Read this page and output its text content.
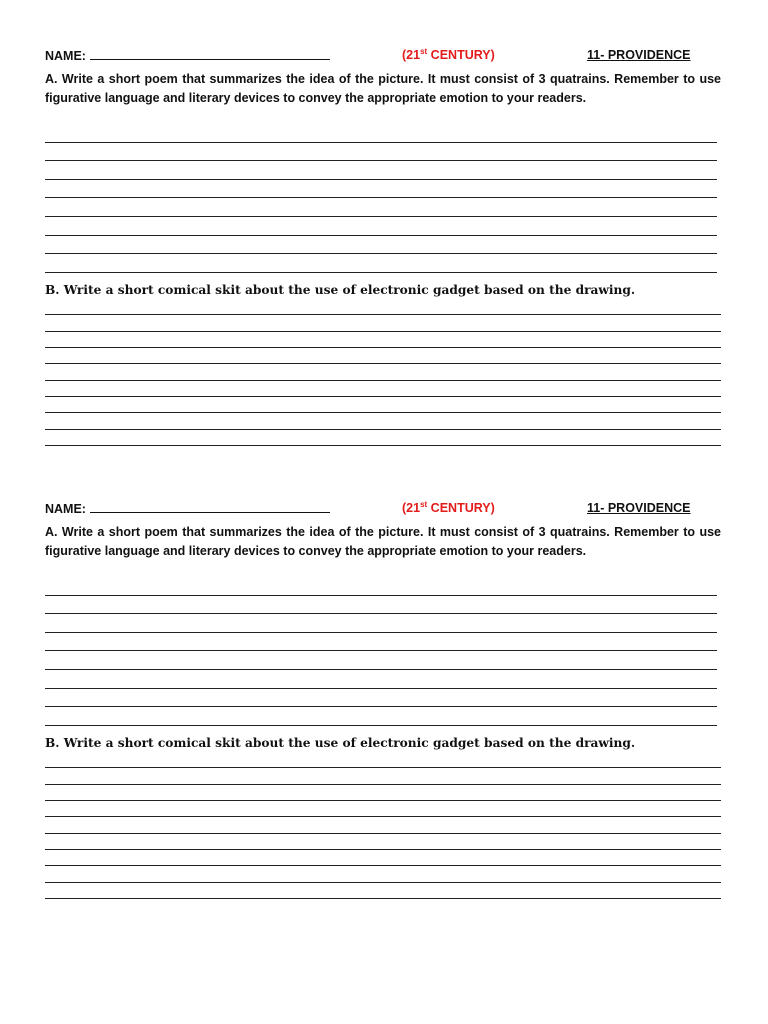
NAME:	(21st CENTURY)	11- PROVIDENCE
A. Write a short poem that summarizes the idea of the picture. It must consist of 3 quatrains. Remember to use figurative language and literary devices to convey the appropriate emotion to your readers.
B. Write a short comical skit about the use of electronic gadget based on the drawing.
NAME:	(21st CENTURY)	11- PROVIDENCE
A. Write a short poem that summarizes the idea of the picture. It must consist of 3 quatrains. Remember to use figurative language and literary devices to convey the appropriate emotion to your readers.
B. Write a short comical skit about the use of electronic gadget based on the drawing.
